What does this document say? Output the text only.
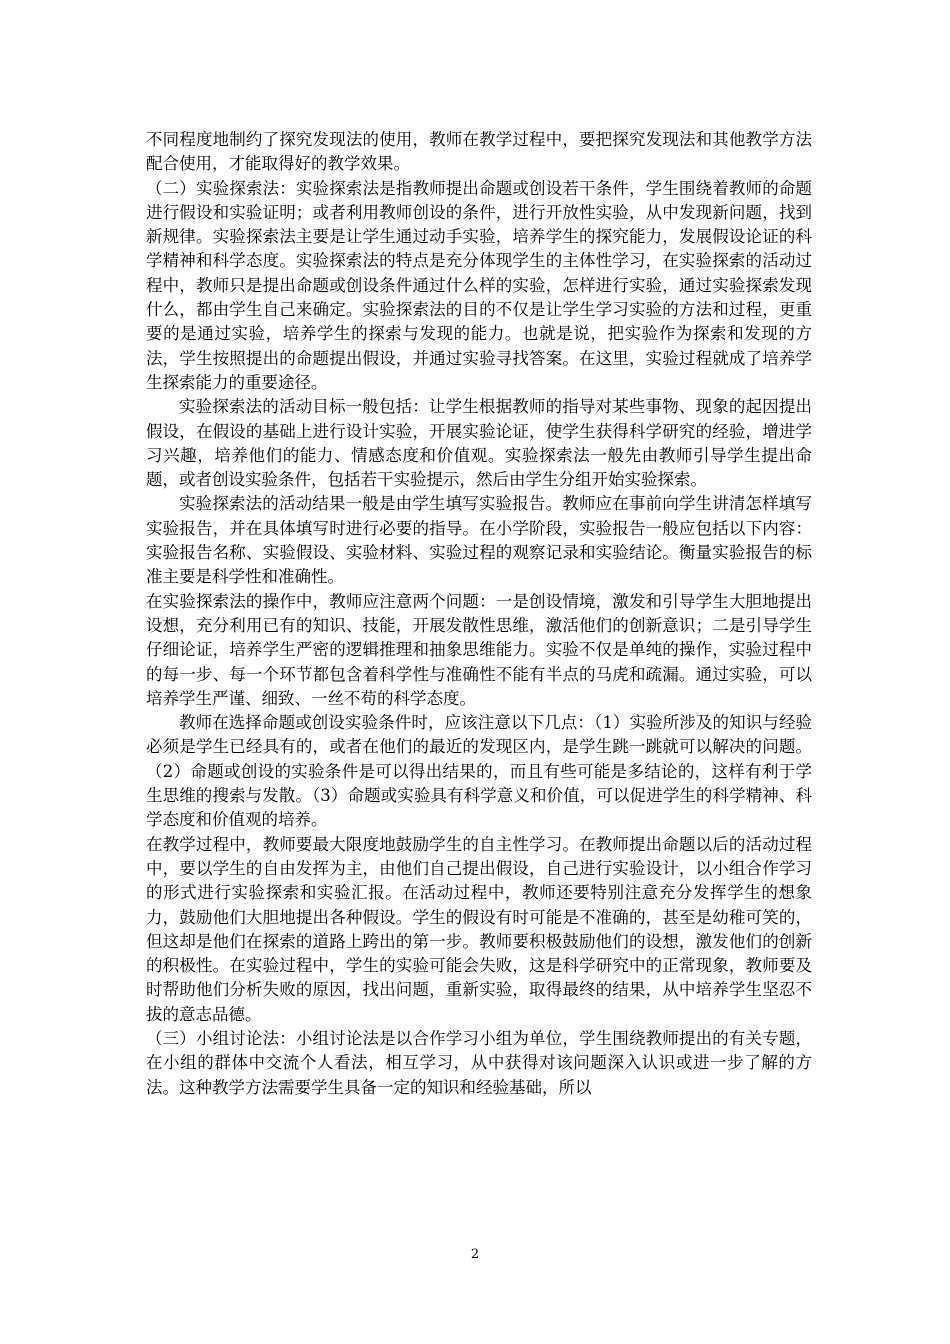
不同程度地制约了探究发现法的使用，教师在教学过程中，要把探究发现法和其他教学方法配合使用，才能取得好的教学效果。

（二）实验探索法：实验探索法是指教师提出命题或创设若干条件，学生围绕着教师的命题进行假设和实验证明；或者利用教师创设的条件，进行开放性实验，从中发现新问题，找到新规律。实验探索法主要是让学生通过动手实验，培养学生的探究能力，发展假设论证的科学精神和科学态度。实验探索法的特点是充分体现学生的主体性学习，在实验探索的活动过程中，教师只是提出命题或创设条件通过什么样的实验，怎样进行实验，通过实验探索发现什么，都由学生自己来确定。实验探索法的目的不仅是让学生学习实验的方法和过程，更重要的是通过实验，培养学生的探索与发现的能力。也就是说，把实验作为探索和发现的方法，学生按照提出的命题提出假设，并通过实验寻找答案。在这里，实验过程就成了培养学生探索能力的重要途径。

实验探索法的活动目标一般包括：让学生根据教师的指导对某些事物、现象的起因提出假设，在假设的基础上进行设计实验，开展实验论证，使学生获得科学研究的经验，增进学习兴趣，培养他们的能力、情感态度和价值观。实验探索法一般先由教师引导学生提出命题，或者创设实验条件，包括若干实验提示，然后由学生分组开始实验探索。

实验探索法的活动结果一般是由学生填写实验报告。教师应在事前向学生讲清怎样填写实验报告，并在具体填写时进行必要的指导。在小学阶段，实验报告一般应包括以下内容：实验报告名称、实验假设、实验材料、实验过程的观察记录和实验结论。衡量实验报告的标准主要是科学性和准确性。

在实验探索法的操作中，教师应注意两个问题：一是创设情境，激发和引导学生大胆地提出设想，充分利用已有的知识、技能，开展发散性思维，激活他们的创新意识；二是引导学生仔细论证，培养学生严密的逻辑推理和抽象思维能力。实验不仅是单纯的操作，实验过程中的每一步、每一个环节都包含着科学性与准确性不能有半点的马虎和疏漏。通过实验，可以培养学生严谨、细致、一丝不苟的科学态度。

教师在选择命题或创设实验条件时，应该注意以下几点：（1）实验所涉及的知识与经验必须是学生已经具有的，或者在他们的最近的发现区内，是学生跳一跳就可以解决的问题。（2）命题或创设的实验条件是可以得出结果的，而且有些可能是多结论的，这样有利于学生思维的搜索与发散。（3）命题或实验具有科学意义和价值，可以促进学生的科学精神、科学态度和价值观的培养。

在教学过程中，教师要最大限度地鼓励学生的自主性学习。在教师提出命题以后的活动过程中，要以学生的自由发挥为主，由他们自己提出假设，自己进行实验设计，以小组合作学习的形式进行实验探索和实验汇报。在活动过程中，教师还要特别注意充分发挥学生的想象力，鼓励他们大胆地提出各种假设。学生的假设有时可能是不准确的，甚至是幼稚可笑的，但这却是他们在探索的道路上跨出的第一步。教师要积极鼓励他们的设想，激发他们的创新的积极性。在实验过程中，学生的实验可能会失败，这是科学研究中的正常现象，教师要及时帮助他们分析失败的原因，找出问题，重新实验，取得最终的结果，从中培养学生坚忍不拔的意志品德。

（三）小组讨论法：小组讨论法是以合作学习小组为单位，学生围绕教师提出的有关专题，在小组的群体中交流个人看法，相互学习，从中获得对该问题深入认识或进一步了解的方法。这种教学方法需要学生具备一定的知识和经验基础，所以

2
